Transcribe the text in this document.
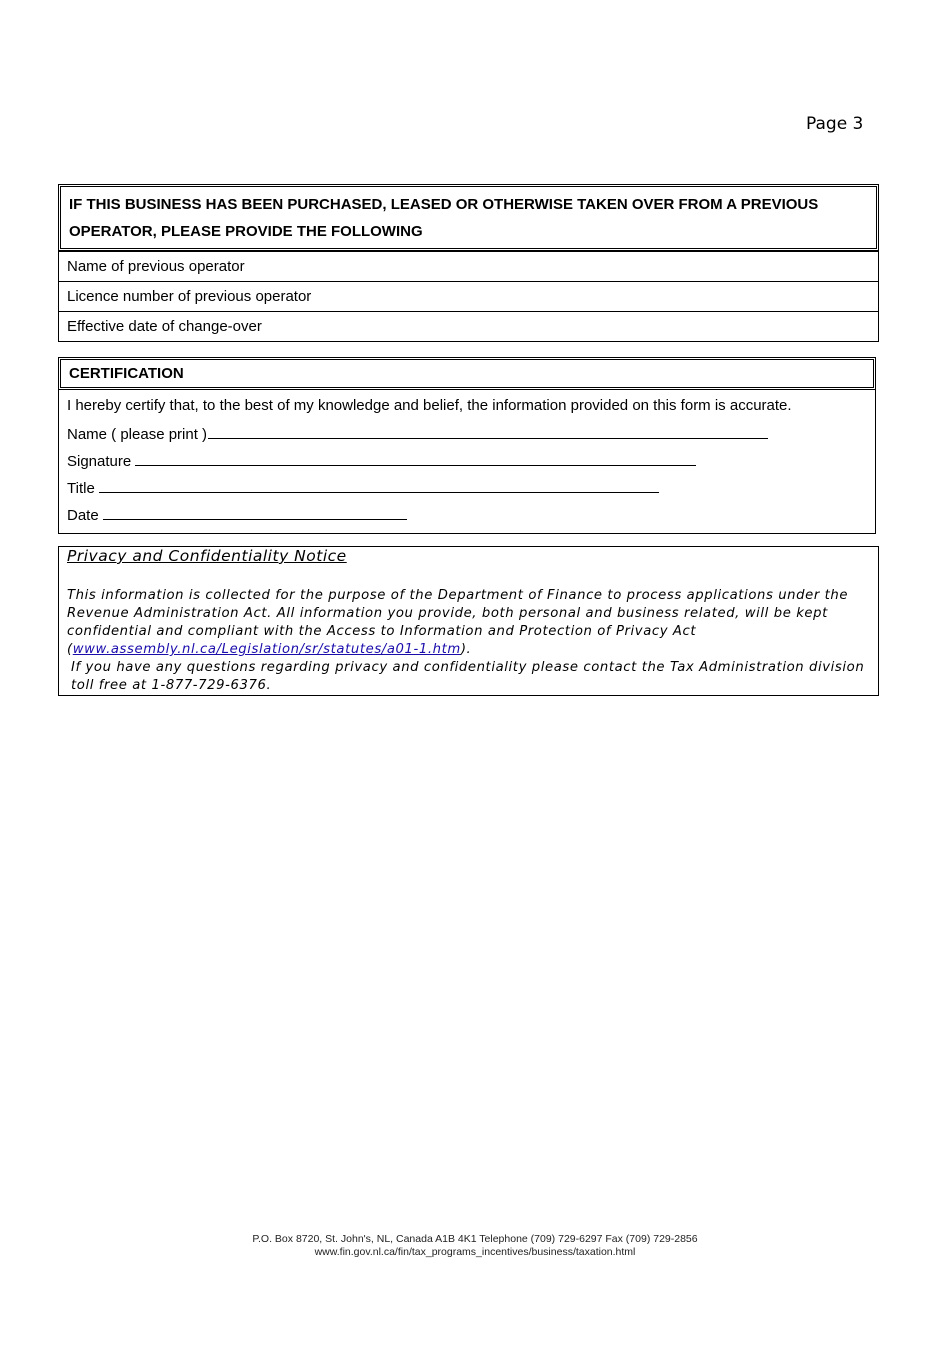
Page 3
IF THIS BUSINESS HAS BEEN PURCHASED, LEASED OR OTHERWISE TAKEN OVER FROM A PREVIOUS OPERATOR, PLEASE PROVIDE THE FOLLOWING
Name of previous operator
Licence number of previous operator
Effective date of change-over
CERTIFICATION
I hereby certify that, to the best of my knowledge and belief, the information provided on this form is accurate.
Name ( please print )
Signature
Title
Date
Privacy and Confidentiality Notice
This information is collected for the purpose of the Department of Finance to process applications under the Revenue Administration Act. All information you provide, both personal and business related, will be kept confidential and compliant with the Access to Information and Protection of Privacy Act (www.assembly.nl.ca/Legislation/sr/statutes/a01-1.htm).
If you have any questions regarding privacy and confidentiality please contact the Tax Administration division toll free at 1-877-729-6376.
P.O. Box 8720, St. John's, NL, Canada A1B 4K1 Telephone (709) 729-6297 Fax (709) 729-2856
www.fin.gov.nl.ca/fin/tax_programs_incentives/business/taxation.html
